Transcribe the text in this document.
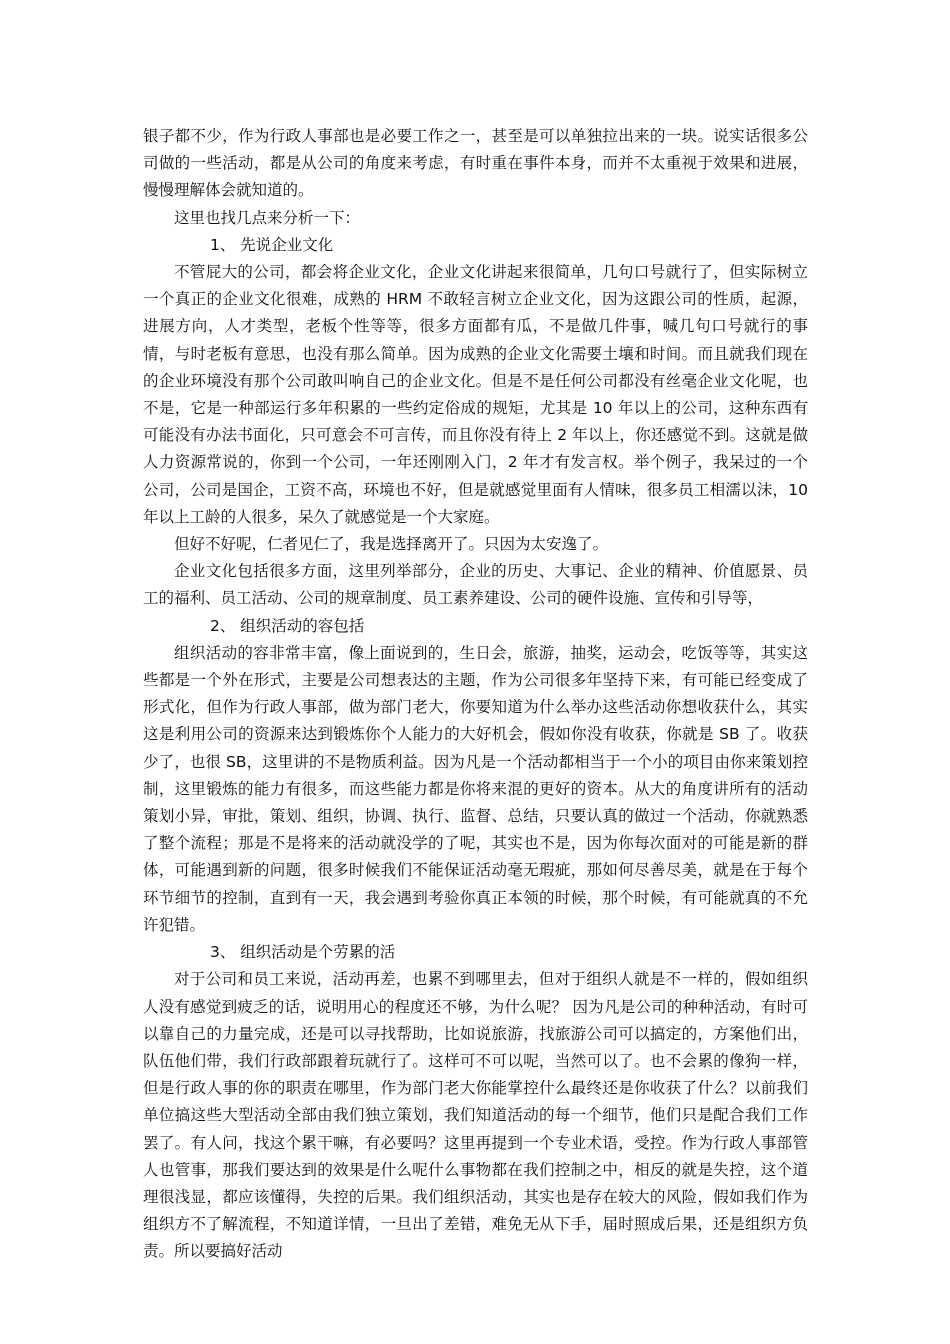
银子都不少，作为行政人事部也是必要工作之一，甚至是可以单独拉出来的一块。说实话很多公司做的一些活动，都是从公司的角度来考虑，有时重在事件本身，而并不太重视于效果和进展，慢慢理解体会就知道的。

这里也找几点来分析一下：

1、 先说企业文化

不管屁大的公司，都会将企业文化，企业文化讲起来很简单，几句口号就行了，但实际树立一个真正的企业文化很难，成熟的 HRM 不敢轻言树立企业文化，因为这跟公司的性质，起源，进展方向，人才类型，老板个性等等，很多方面都有瓜，不是做几件事，喊几句口号就行的事情，与时老板有意思，也没有那么简单。因为成熟的企业文化需要土壤和时间。而且就我们现在的企业环境没有那个公司敢叫响自己的企业文化。但是不是任何公司都没有丝毫企业文化呢，也不是，它是一种部运行多年积累的一些约定俗成的规矩，尤其是 10 年以上的公司，这种东西有可能没有办法书面化，只可意会不可言传，而且你没有待上 2 年以上，你还感觉不到。这就是做人力资源常说的，你到一个公司，一年还刚刚入门，2 年才有发言权。举个例子，我呆过的一个公司，公司是国企，工资不高，环境也不好，但是就感觉里面有人情味，很多员工相濡以沫，10 年以上工龄的人很多，呆久了就感觉是一个大家庭。

但好不好呢，仁者见仁了，我是选择离开了。只因为太安逸了。

企业文化包括很多方面，这里列举部分，企业的历史、大事记、企业的精神、价值愿景、员工的福利、员工活动、公司的规章制度、员工素养建设、公司的硬件设施、宣传和引导等，

2、 组织活动的容包括

组织活动的容非常丰富，像上面说到的，生日会，旅游，抽奖，运动会，吃饭等等，其实这些都是一个外在形式，主要是公司想表达的主题，作为公司很多年坚持下来，有可能已经变成了形式化，但作为行政人事部，做为部门老大，你要知道为什么举办这些活动你想收获什么，其实这是利用公司的资源来达到锻炼你个人能力的大好机会，假如你没有收获，你就是 SB 了。收获少了，也很 SB，这里讲的不是物质利益。因为凡是一个活动都相当于一个小的项目由你来策划控制，这里锻炼的能力有很多，而这些能力都是你将来混的更好的资本。从大的角度讲所有的活动策划小异，审批，策划、组织，协调、执行、监督、总结，只要认真的做过一个活动，你就熟悉了整个流程；那是不是将来的活动就没学的了呢，其实也不是，因为你每次面对的可能是新的群体，可能遇到新的问题，很多时候我们不能保证活动毫无瑕疵，那如何尽善尽美，就是在于每个环节细节的控制，直到有一天，我会遇到考验你真正本领的时候，那个时候，有可能就真的不允许犯错。

3、 组织活动是个劳累的活

对于公司和员工来说，活动再差，也累不到哪里去，但对于组织人就是不一样的，假如组织人没有感觉到疲乏的话，说明用心的程度还不够，为什么呢？ 因为凡是公司的种种活动，有时可以靠自己的力量完成，还是可以寻找帮助，比如说旅游，找旅游公司可以搞定的，方案他们出，队伍他们带，我们行政部跟着玩就行了。这样可不可以呢，当然可以了。也不会累的像狗一样，但是行政人事的你的职责在哪里，作为部门老大你能掌控什么最终还是你收获了什么？以前我们单位搞这些大型活动全部由我们独立策划，我们知道活动的每一个细节，他们只是配合我们工作罢了。有人问，找这个累干嘛，有必要吗？这里再提到一个专业术语，受控。作为行政人事部管人也管事，那我们要达到的效果是什么呢什么事物都在我们控制之中，相反的就是失控，这个道理很浅显，都应该懂得，失控的后果。我们组织活动，其实也是存在较大的风险，假如我们作为组织方不了解流程，不知道详情，一旦出了差错，难免无从下手，届时照成后果，还是组织方负责。所以要搞好活动
